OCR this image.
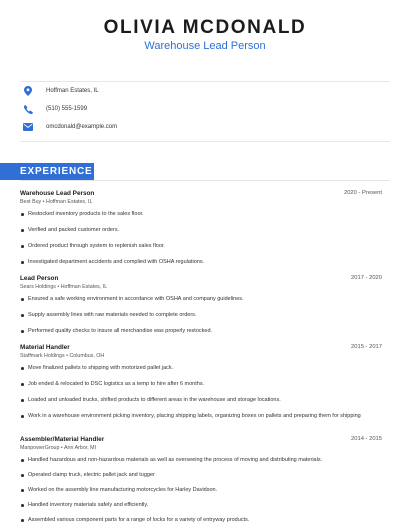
OLIVIA MCDONALD
Warehouse Lead Person
Hoffman Estates, IL
(510) 555-1599
omcdonald@example.com
EXPERIENCE
Warehouse Lead Person	2020 - Present
Best Buy • Hoffman Estates, IL
Restocked inventory products to the sales floor.
Verified and packed customer orders.
Ordered product through system to replenish sales floor.
Investigated department accidents and complied with OSHA regulations.
Lead Person	2017 - 2020
Sears Holdings • Hoffman Estates, IL
Ensured a safe working environment in accordance with OSHA and company guidelines.
Supply assembly lines with raw materials needed to complete orders.
Performed quality checks to insure all merchandise was properly restocked.
Material Handler	2015 - 2017
Staffmark Holdings • Columbus, OH
Move finalized pallets to shipping with motorized pallet jack.
Job ended & relocated to DSC logistics as a temp to hire after 6 months.
Loaded and unloaded trucks, shifted products to different areas in the warehouse and storage locations.
Work in a warehouse environment picking inventory, placing shipping labels, organizing boxes on pallets and preparing them for shipping
Assembler/Material Handler	2014 - 2015
ManpowerGroup • Ann Arbor, MI
Handled hazardous and non-hazardous materials as well as overseeing the process of moving and distributing materials.
Operated clamp truck, electric pallet jack and tugger
Worked on the assembly line manufacturing motorcycles for Harley Davidson.
Handled inventory materials safely and efficiently.
Assembled various component parts for a range of locks for a variety of entryway products.
